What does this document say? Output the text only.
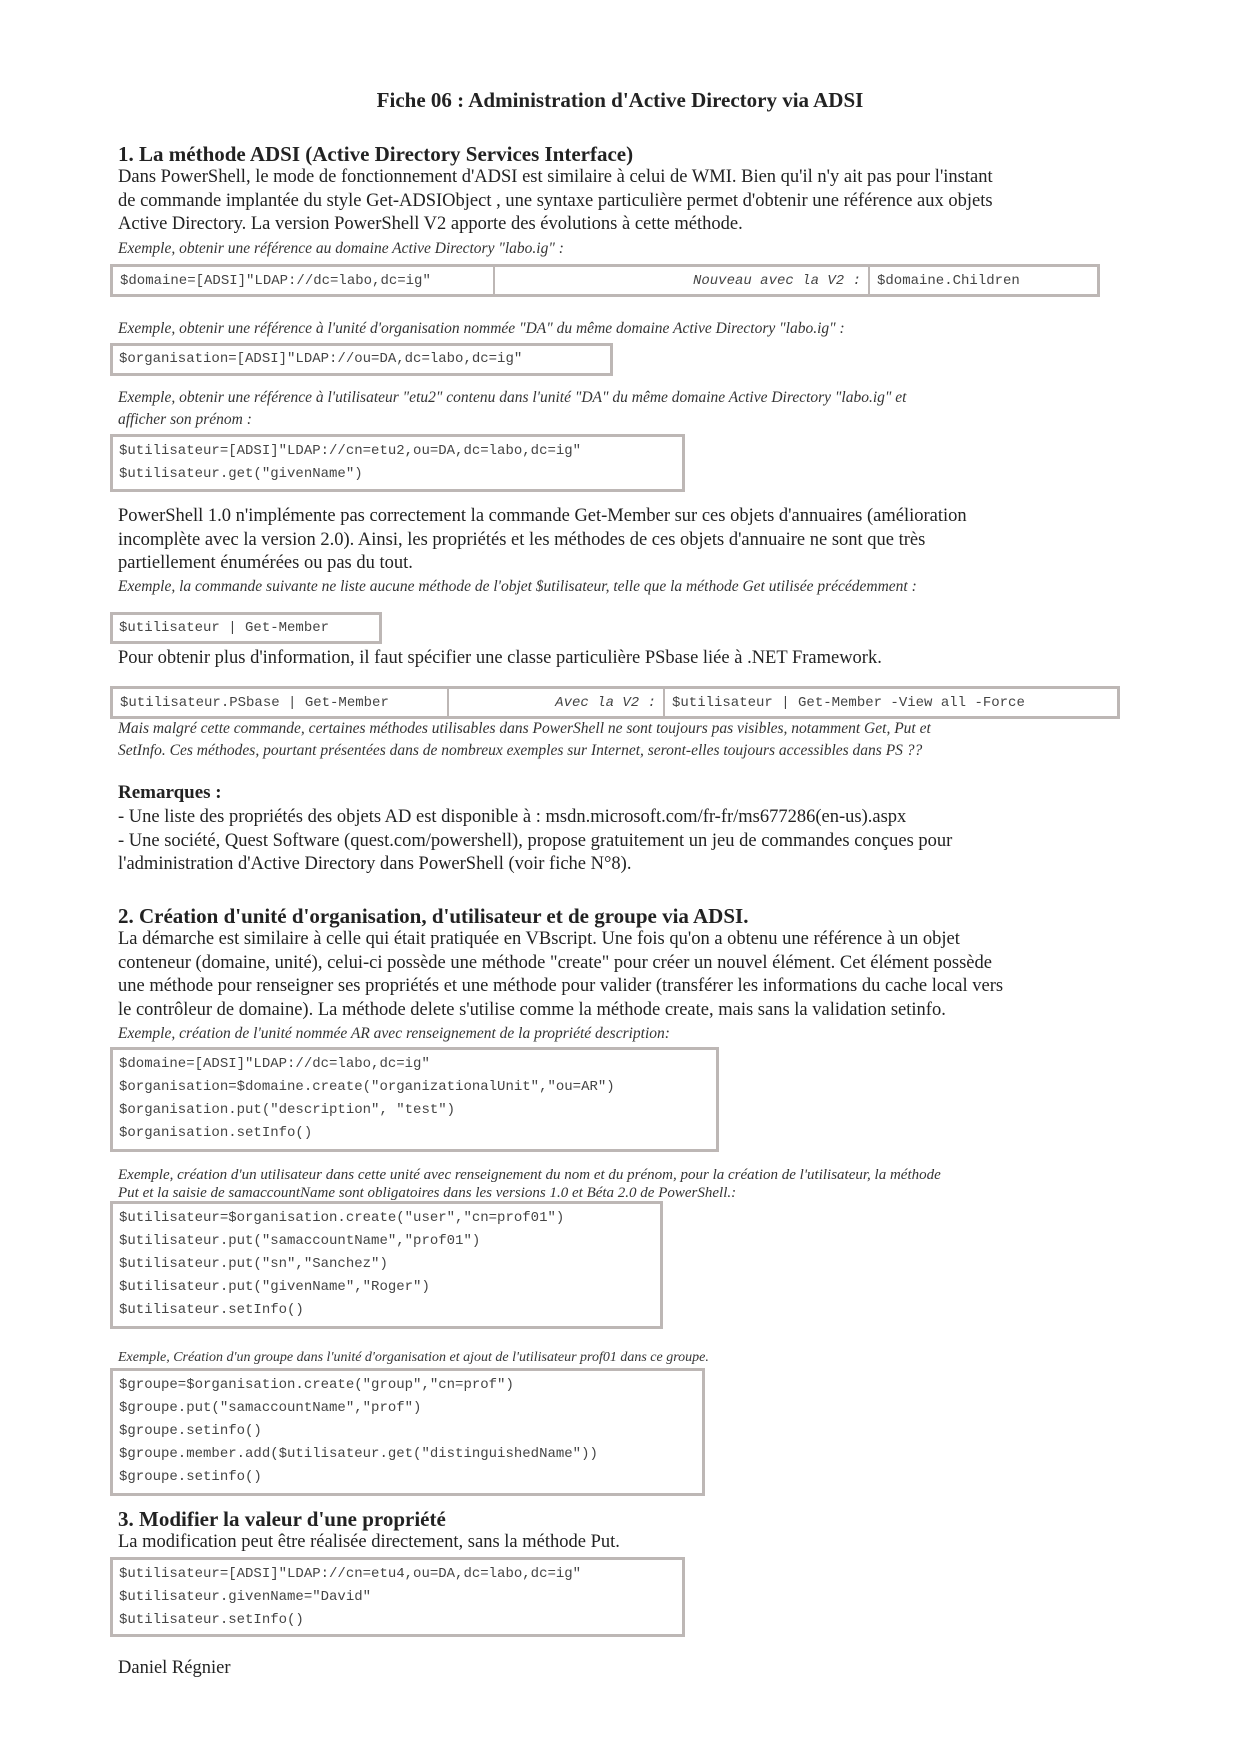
Fiche 06 : Administration d'Active Directory via ADSI
1. La méthode ADSI (Active Directory Services Interface)
Dans PowerShell, le mode de fonctionnement d'ADSI est similaire à celui de WMI. Bien qu'il n'y ait pas pour l'instant
de commande implantée du style Get-ADSIObject , une syntaxe particulière permet d'obtenir une référence aux objets
Active Directory. La version PowerShell V2 apporte des évolutions à cette méthode.
Exemple, obtenir une référence au domaine Active Directory "labo.ig" :
$domaine=[ADSI]"LDAP://dc=labo,dc=ig"	Nouveau avec la V2 :	$domaine.Children
Exemple, obtenir une référence à l'unité d'organisation nommée "DA" du même domaine Active Directory "labo.ig" :
$organisation=[ADSI]"LDAP://ou=DA,dc=labo,dc=ig"
Exemple, obtenir une référence à l'utilisateur "etu2" contenu dans l'unité "DA" du même domaine Active Directory "labo.ig" et
afficher son prénom :
$utilisateur=[ADSI]"LDAP://cn=etu2,ou=DA,dc=labo,dc=ig"
$utilisateur.get("givenName")
PowerShell 1.0 n'implémente pas correctement la commande Get-Member sur ces objets d'annuaires (amélioration
incomplète avec la version 2.0). Ainsi, les propriétés et les méthodes de ces objets d'annuaire ne sont que très
partiellement énumérées ou pas du tout.
Exemple, la commande suivante ne liste aucune méthode de l'objet $utilisateur, telle que la méthode Get utilisée précédemment :
$utilisateur | Get-Member
Pour obtenir plus d'information, il faut spécifier une classe particulière PSbase liée à .NET Framework.
$utilisateur.PSbase | Get-Member	Avec la V2 :	$utilisateur | Get-Member -View all -Force
Mais malgré cette commande, certaines méthodes utilisables dans PowerShell ne sont toujours pas visibles, notamment Get, Put et
SetInfo. Ces méthodes, pourtant présentées dans de nombreux exemples sur Internet, seront-elles toujours accessibles dans PS ??
Remarques :
- Une liste des propriétés des objets AD est disponible à : msdn.microsoft.com/fr-fr/ms677286(en-us).aspx
- Une société, Quest Software (quest.com/powershell), propose gratuitement un jeu de commandes conçues pour
l'administration d'Active Directory dans PowerShell (voir fiche N°8).
2. Création d'unité d'organisation, d'utilisateur et de groupe via ADSI.
La démarche est similaire à celle qui était pratiquée en VBscript. Une fois qu'on a obtenu une référence à un objet
conteneur (domaine, unité), celui-ci possède une méthode "create" pour créer un nouvel élément. Cet élément possède
une méthode pour renseigner ses propriétés et une méthode pour valider (transférer les informations du cache local vers
le contrôleur de domaine). La méthode delete s'utilise comme la méthode create, mais sans la validation setinfo.
Exemple, création de l'unité nommée AR avec renseignement de la propriété description:
$domaine=[ADSI]"LDAP://dc=labo,dc=ig"
$organisation=$domaine.create("organizationalUnit","ou=AR")
$organisation.put("description", "test")
$organisation.setInfo()
Exemple, création d'un utilisateur dans cette unité avec renseignement du nom et du prénom, pour la création de l'utilisateur, la méthode
Put et la saisie de samaccountName sont obligatoires dans les versions 1.0 et Béta 2.0 de PowerShell.:
$utilisateur=$organisation.create("user","cn=prof01")
$utilisateur.put("samaccountName","prof01")
$utilisateur.put("sn","Sanchez")
$utilisateur.put("givenName","Roger")
$utilisateur.setInfo()
Exemple, Création d'un groupe dans l'unité d'organisation et ajout de l'utilisateur prof01 dans ce groupe.
$groupe=$organisation.create("group","cn=prof")
$groupe.put("samaccountName","prof")
$groupe.setinfo()
$groupe.member.add($utilisateur.get("distinguishedName"))
$groupe.setinfo()
3. Modifier la valeur d'une propriété
La modification peut être réalisée directement, sans la méthode Put.
$utilisateur=[ADSI]"LDAP://cn=etu4,ou=DA,dc=labo,dc=ig"
$utilisateur.givenName="David"
$utilisateur.setInfo()
Daniel Régnier
